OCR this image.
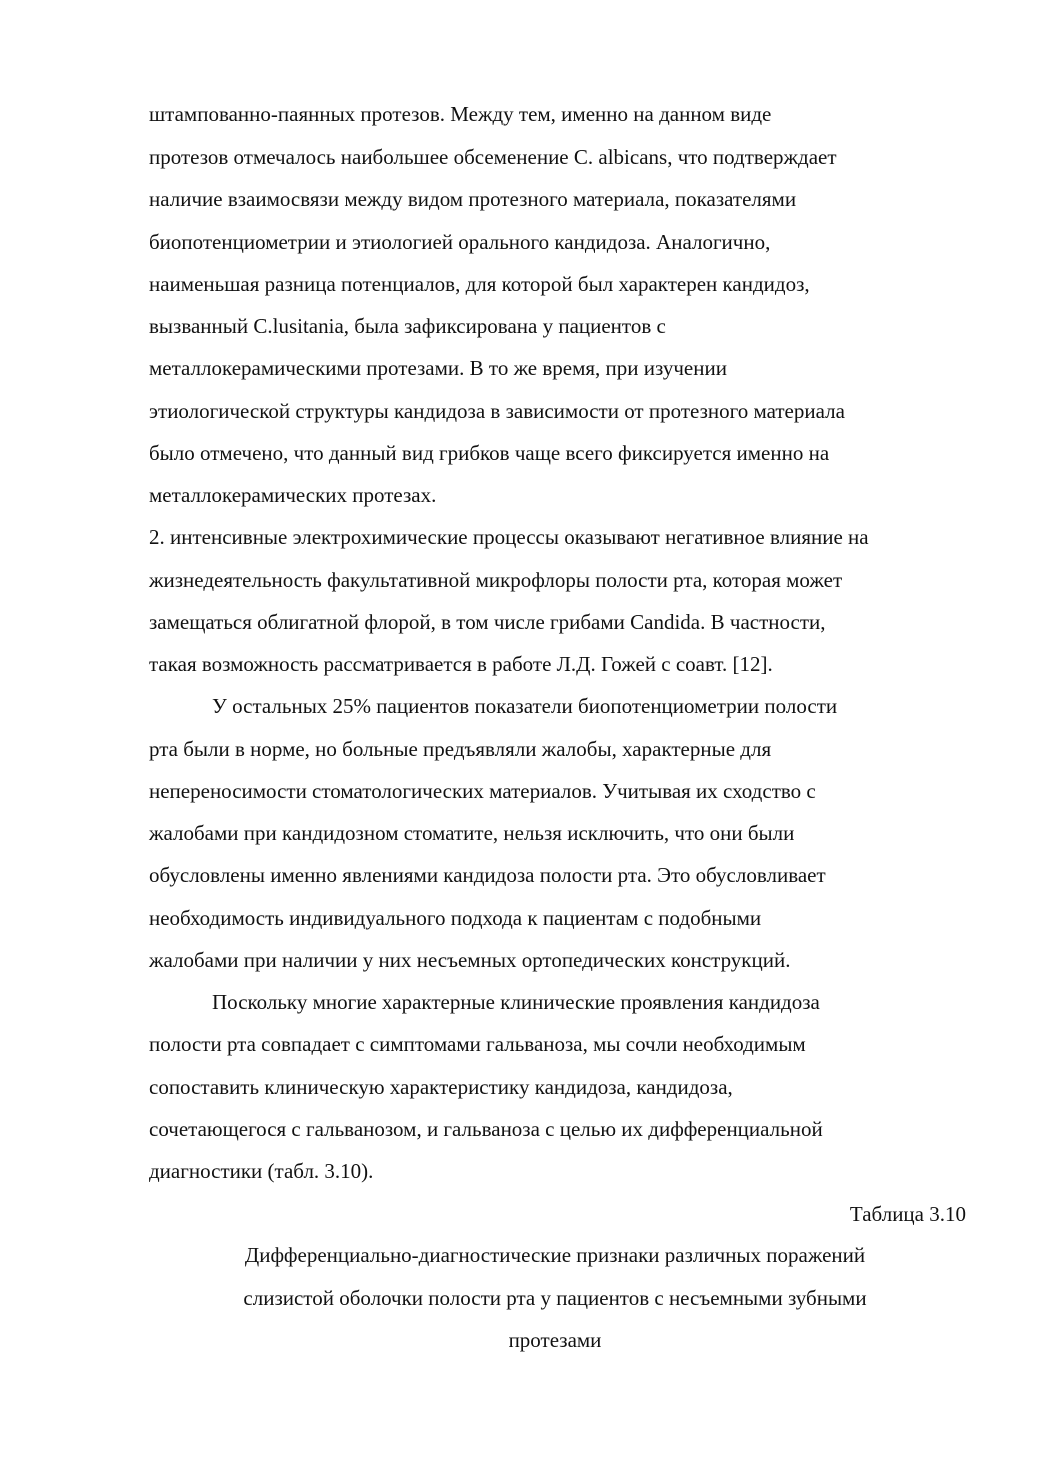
штампованно-паянных протезов. Между тем, именно на данном виде
протезов отмечалось наибольшее обсеменение C. albicans, что подтверждает
наличие взаимосвязи между видом протезного материала, показателями
биопотенциометрии и этиологией орального кандидоза. Аналогично,
наименьшая разница потенциалов, для которой был характерен кандидоз,
вызванный C.lusitania, была зафиксирована у пациентов с
металлокерамическими протезами. В то же время, при изучении
этиологической структуры кандидоза в зависимости от протезного материала
было отмечено, что данный вид грибков чаще всего фиксируется именно на
металлокерамических протезах.
2. интенсивные электрохимические процессы оказывают негативное влияние на
жизнедеятельность факультативной микрофлоры полости рта, которая может
замещаться облигатной флорой, в том числе грибами Candida. В частности,
такая возможность рассматривается в работе Л.Д. Гожей с соавт. [12].
У остальных 25% пациентов показатели биопотенциометрии полости
рта были в норме, но больные предъявляли жалобы, характерные для
непереносимости стоматологических материалов. Учитывая их сходство с
жалобами при кандидозном стоматите, нельзя исключить, что они были
обусловлены именно явлениями кандидоза полости рта. Это обусловливает
необходимость индивидуального подхода к пациентам с подобными
жалобами при наличии у них несъемных ортопедических конструкций.
Поскольку многие характерные клинические проявления кандидоза
полости рта совпадает с симптомами гальваноза, мы сочли необходимым
сопоставить клиническую характеристику кандидоза, кандидоза,
сочетающегося с гальванозом, и гальваноза с целью их дифференциальной
диагностики (табл. 3.10).
Таблица 3.10
Дифференциально-диагностические признаки различных поражений
слизистой оболочки полости рта у пациентов с несъемными зубными
протезами
